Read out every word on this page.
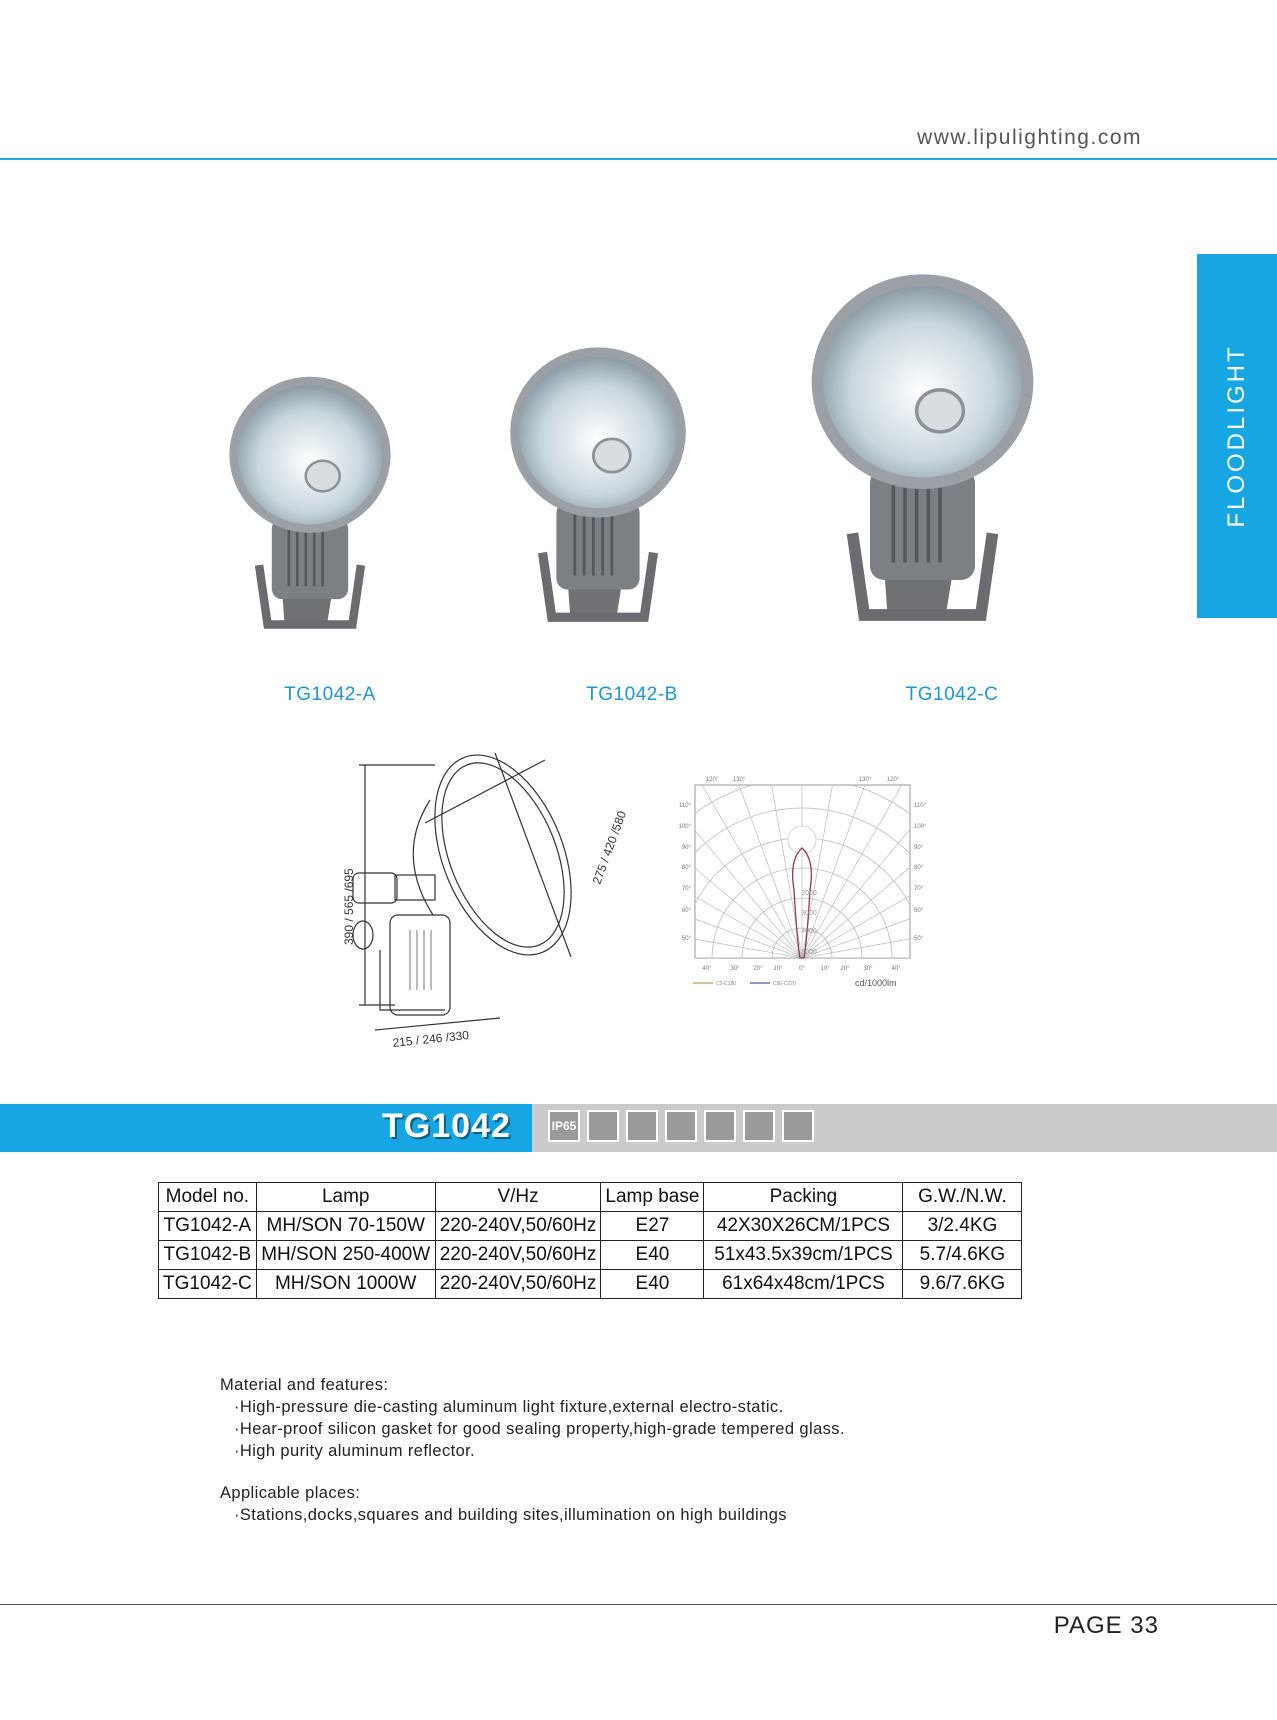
www.lipulighting.com
FLOODLIGHT
TG1042-A	TG1042-B	TG1042-C
390 / 565 /695
275 / 420 /580
215 / 246 /330
120° 130°	130°	120°
110°
100°
90°
80°
70°
60°
50°
110°
100°
90°
80°
70°
60°
50°
40°	30° 20° 10°	0°	10° 20° 30°	40°
2000
3000
4000
5000
C0-C180	C90-C270	cd/1000lm
TG1042	IP65
Model no.	Lamp	V/Hz	Lamp base	Packing	G.W./N.W.
TG1042-A	MH/SON 70-150W	220-240V,50/60Hz	E27	42X30X26CM/1PCS	3/2.4KG
TG1042-B	MH/SON 250-400W	220-240V,50/60Hz	E40	51x43.5x39cm/1PCS	5.7/4.6KG
TG1042-C	MH/SON 1000W	220-240V,50/60Hz	E40	61x64x48cm/1PCS	9.6/7.6KG
Material and features:
·High-pressure die-casting aluminum light fixture,external electro-static.
·Hear-proof silicon gasket for good sealing property,high-grade tempered glass.
·High purity aluminum reflector.
Applicable places:
·Stations,docks,squares and building sites,illumination on high buildings
PAGE 33
